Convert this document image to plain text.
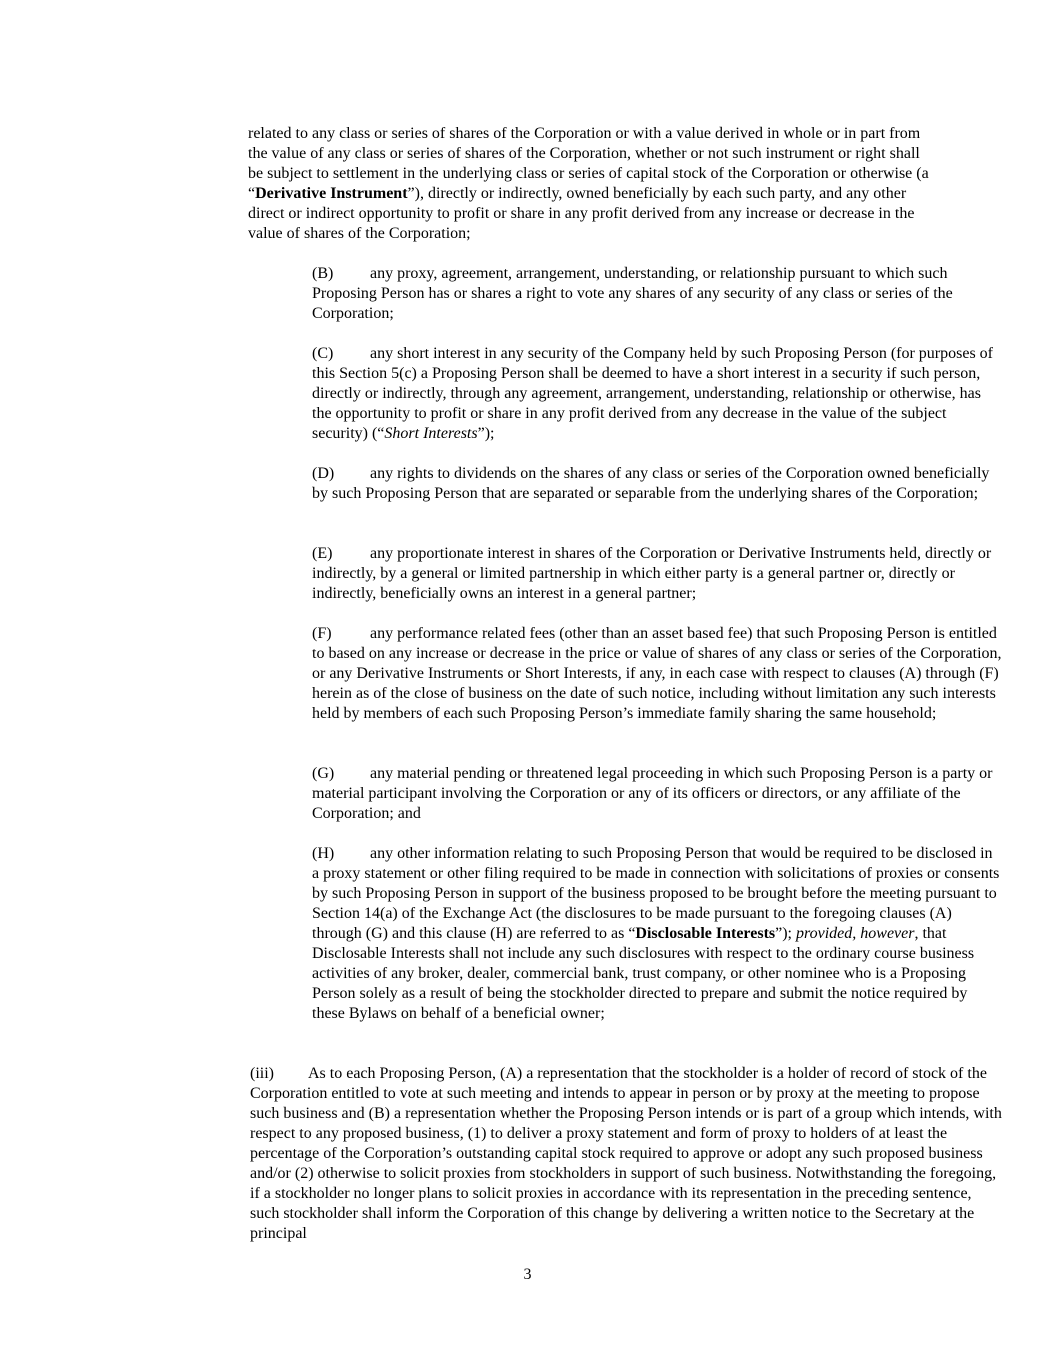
related to any class or series of shares of the Corporation or with a value derived in whole or in part from the value of any class or series of shares of the Corporation, whether or not such instrument or right shall be subject to settlement in the underlying class or series of capital stock of the Corporation or otherwise (a “Derivative Instrument”), directly or indirectly, owned beneficially by each such party, and any other direct or indirect opportunity to profit or share in any profit derived from any increase or decrease in the value of shares of the Corporation;

(B) any proxy, agreement, arrangement, understanding, or relationship pursuant to which such Proposing Person has or shares a right to vote any shares of any security of any class or series of the Corporation;

(C) any short interest in any security of the Company held by such Proposing Person (for purposes of this Section 5(c) a Proposing Person shall be deemed to have a short interest in a security if such person, directly or indirectly, through any agreement, arrangement, understanding, relationship or otherwise, has the opportunity to profit or share in any profit derived from any decrease in the value of the subject security) (“Short Interests”);

(D) any rights to dividends on the shares of any class or series of the Corporation owned beneficially by such Proposing Person that are separated or separable from the underlying shares of the Corporation;

(E) any proportionate interest in shares of the Corporation or Derivative Instruments held, directly or indirectly, by a general or limited partnership in which either party is a general partner or, directly or indirectly, beneficially owns an interest in a general partner;

(F) any performance related fees (other than an asset based fee) that such Proposing Person is entitled to based on any increase or decrease in the price or value of shares of any class or series of the Corporation, or any Derivative Instruments or Short Interests, if any, in each case with respect to clauses (A) through (F) herein as of the close of business on the date of such notice, including without limitation any such interests held by members of each such Proposing Person’s immediate family sharing the same household;

(G) any material pending or threatened legal proceeding in which such Proposing Person is a party or material participant involving the Corporation or any of its officers or directors, or any affiliate of the Corporation; and

(H) any other information relating to such Proposing Person that would be required to be disclosed in a proxy statement or other filing required to be made in connection with solicitations of proxies or consents by such Proposing Person in support of the business proposed to be brought before the meeting pursuant to Section 14(a) of the Exchange Act (the disclosures to be made pursuant to the foregoing clauses (A) through (G) and this clause (H) are referred to as “Disclosable Interests”); provided, however, that Disclosable Interests shall not include any such disclosures with respect to the ordinary course business activities of any broker, dealer, commercial bank, trust company, or other nominee who is a Proposing Person solely as a result of being the stockholder directed to prepare and submit the notice required by these Bylaws on behalf of a beneficial owner;

(iii) As to each Proposing Person, (A) a representation that the stockholder is a holder of record of stock of the Corporation entitled to vote at such meeting and intends to appear in person or by proxy at the meeting to propose such business and (B) a representation whether the Proposing Person intends or is part of a group which intends, with respect to any proposed business, (1) to deliver a proxy statement and form of proxy to holders of at least the percentage of the Corporation’s outstanding capital stock required to approve or adopt any such proposed business and/or (2) otherwise to solicit proxies from stockholders in support of such business. Notwithstanding the foregoing, if a stockholder no longer plans to solicit proxies in accordance with its representation in the preceding sentence, such stockholder shall inform the Corporation of this change by delivering a written notice to the Secretary at the principal

3
